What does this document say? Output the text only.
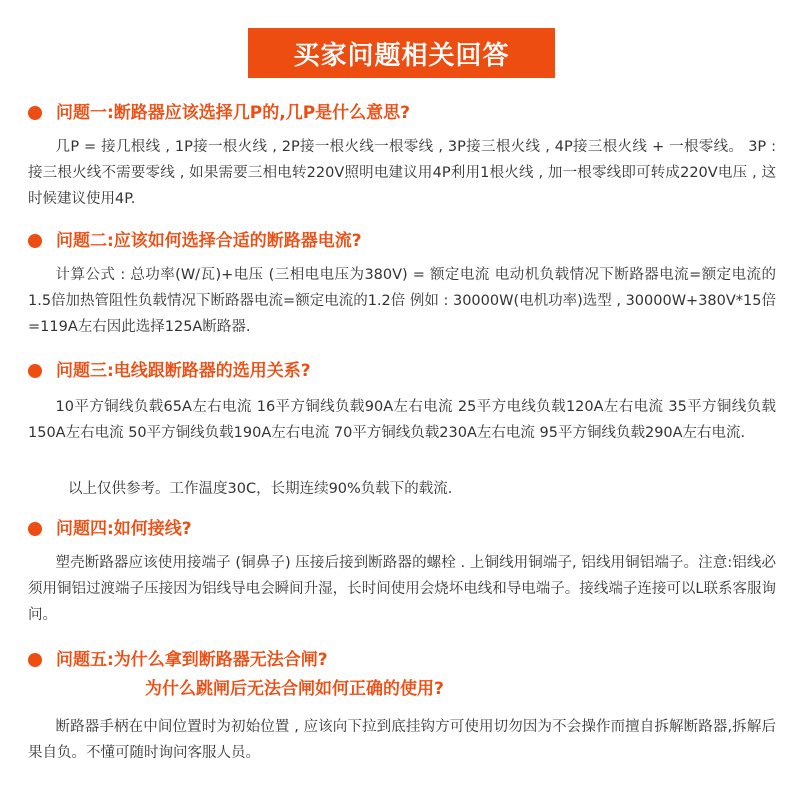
买家问题相关回答
问题一:断路器应该选择几P的,几P是什么意思?
几P = 接几根线 , 1P接一根火线 , 2P接一根火线一根零线 , 3P接三根火线 , 4P接三根火线 + 一根零线。 3P : 接三根火线不需要零线 , 如果需要三相电转220V照明电建议用4P利用1根火线 , 加一根零线即可转成220V电压 , 这时候建议使用4P.
问题二:应该如何选择合适的断路器电流?
计算公式 : 总功率(W/瓦)+电压 (三相电电压为380V) = 额定电流 电动机负载情况下断路器电流=额定电流的1.5倍加热管阻性负载情况下断路器电流=额定电流的1.2倍 例如 : 30000W(电机功率)选型 , 30000W+380V*15倍=119A左右因此选择125A断路器.
问题三:电线跟断路器的选用关系?
10平方铜线负载65A左右电流 16平方铜线负载90A左右电流 25平方电线负载120A左右电流 35平方铜线负载150A左右电流 50平方铜线负载190A左右电流 70平方铜线负载230A左右电流 95平方铜线负载290A左右电流.
以上仅供参考。工作温度30C，长期连续90%负载下的载流.
问题四:如何接线?
塑壳断路器应该使用接端子 (铜鼻子) 压接后接到断路器的螺栓 . 上铜线用铜端子, 铝线用铜铝端子。注意:铝线必须用铜铝过渡端子压接因为铝线导电会瞬间升湿，长时间使用会烧坏电线和导电端子。接线端子连接可以L联系客服询问。
问题五:为什么拿到断路器无法合闸?
为什么跳闸后无法合闸如何正确的使用?
断路器手柄在中间位置时为初始位置 , 应该向下拉到底挂钩方可使用切勿因为不会操作而擅自拆解断路器,拆解后果自负。不懂可随时询问客服人员。
